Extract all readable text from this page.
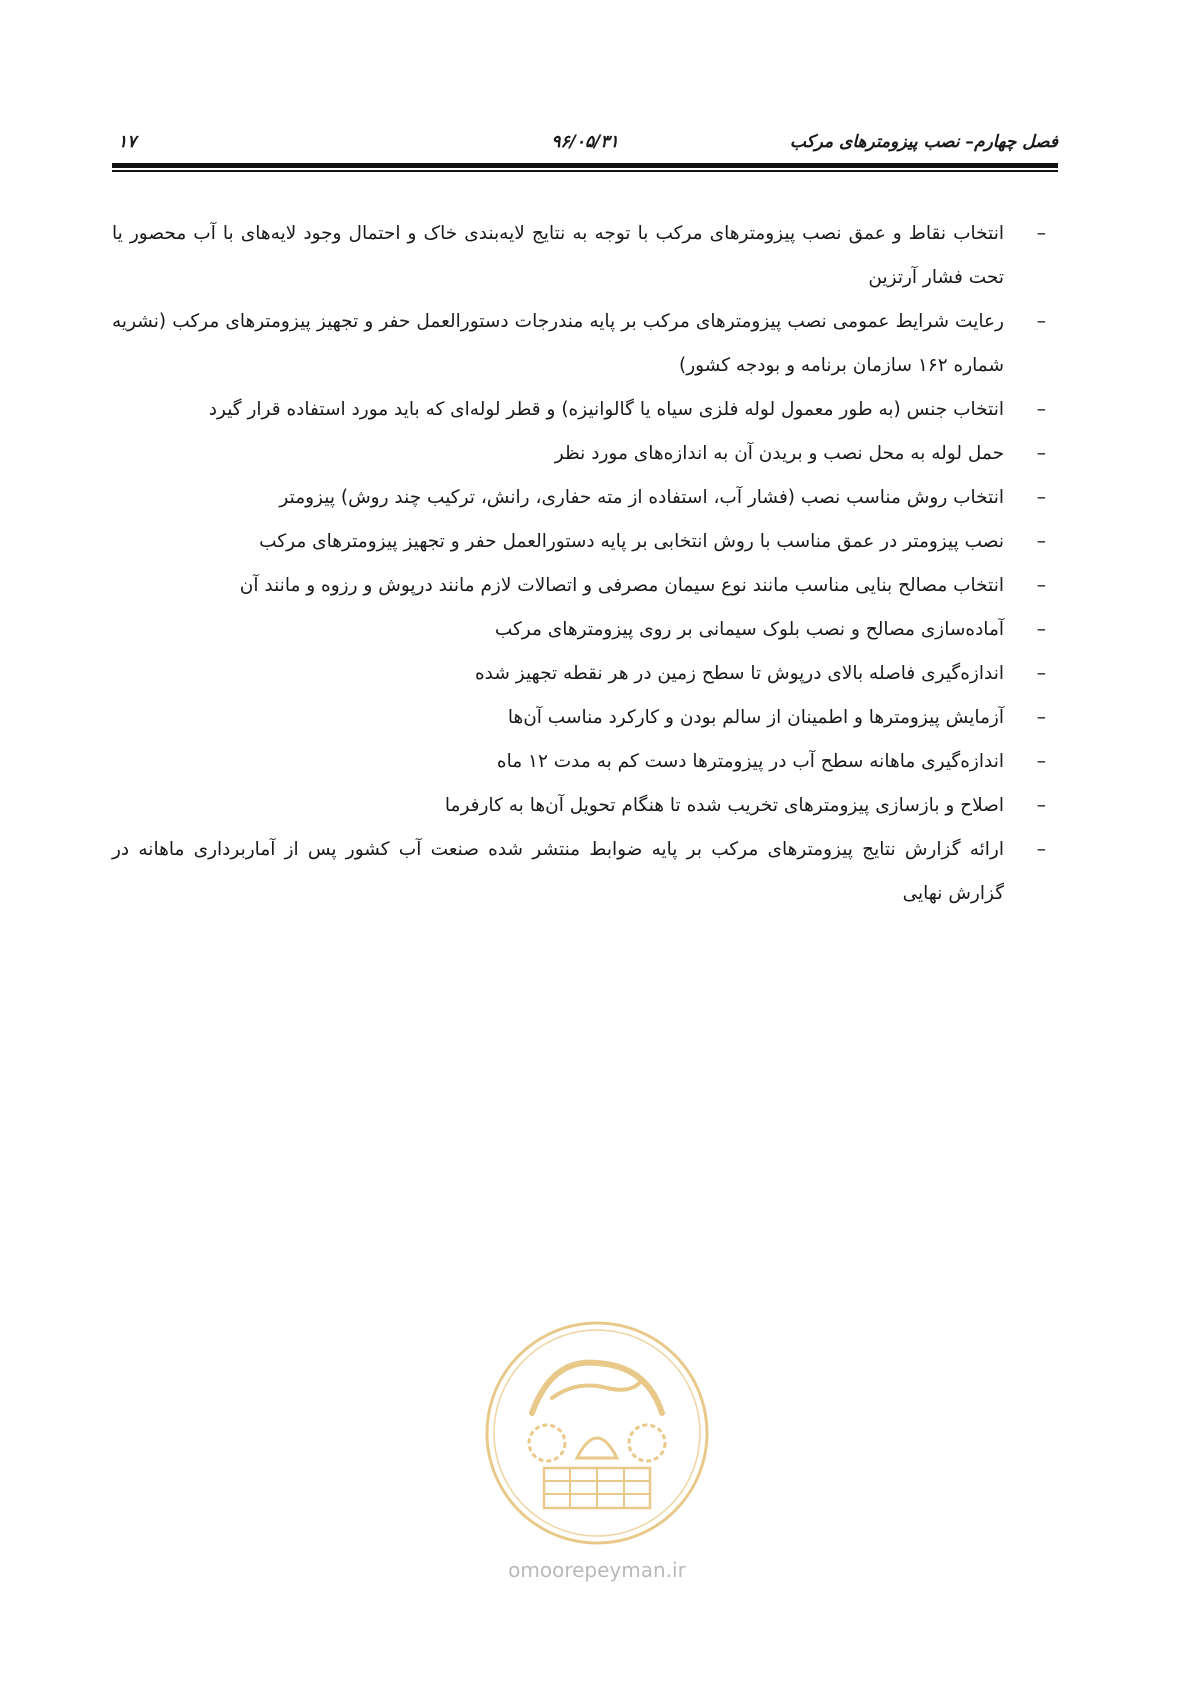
۱۷	۹۶/۰۵/۳۱	فصل چهارم– نصب پیزومترهای مرکب
–
انتخاب نقاط و عمق نصب پیزومترهای مرکب با توجه به نتایج لایه‌بندی خاک و احتمال وجود لایه‌های با آب محصور یا تحت فشار آرتزین
–
رعایت شرایط عمومی نصب پیزومترهای مرکب بر پایه مندرجات دستورالعمل حفر و تجهیز پیزومترهای مرکب (نشریه شماره ۱۶۲ سازمان برنامه و بودجه کشور)
–
انتخاب جنس (به طور معمول لوله فلزی سیاه یا گالوانیزه) و قطر لوله‌ای که باید مورد استفاده قرار گیرد
–
حمل لوله به محل نصب و بریدن آن به اندازه‌های مورد نظر
–
انتخاب روش مناسب نصب (فشار آب، استفاده از مته حفاری، رانش، ترکیب چند روش) پیزومتر
–
نصب پیزومتر در عمق مناسب با روش انتخابی بر پایه دستورالعمل حفر و تجهیز پیزومترهای مرکب
–
انتخاب مصالح بنایی مناسب مانند نوع سیمان مصرفی و اتصالات لازم مانند درپوش و رزوه و مانند آن
–
آماده‌سازی مصالح و نصب بلوک سیمانی بر روی پیزومترهای مرکب
–
اندازه‌گیری فاصله بالای درپوش تا سطح زمین در هر نقطه تجهیز شده
–
آزمایش پیزومترها و اطمینان از سالم بودن و کارکرد مناسب آن‌ها
–
اندازه‌گیری ماهانه سطح آب در پیزومترها دست کم به مدت ۱۲ ماه
–
اصلاح و بازسازی پیزومترهای تخریب شده تا هنگام تحویل آن‌ها به کارفرما
–
ارائه گزارش نتایج پیزومترهای مرکب بر پایه ضوابط منتشر شده صنعت آب کشور پس از آماربرداری ماهانه در گزارش نهایی
omoorepeyman.ir
